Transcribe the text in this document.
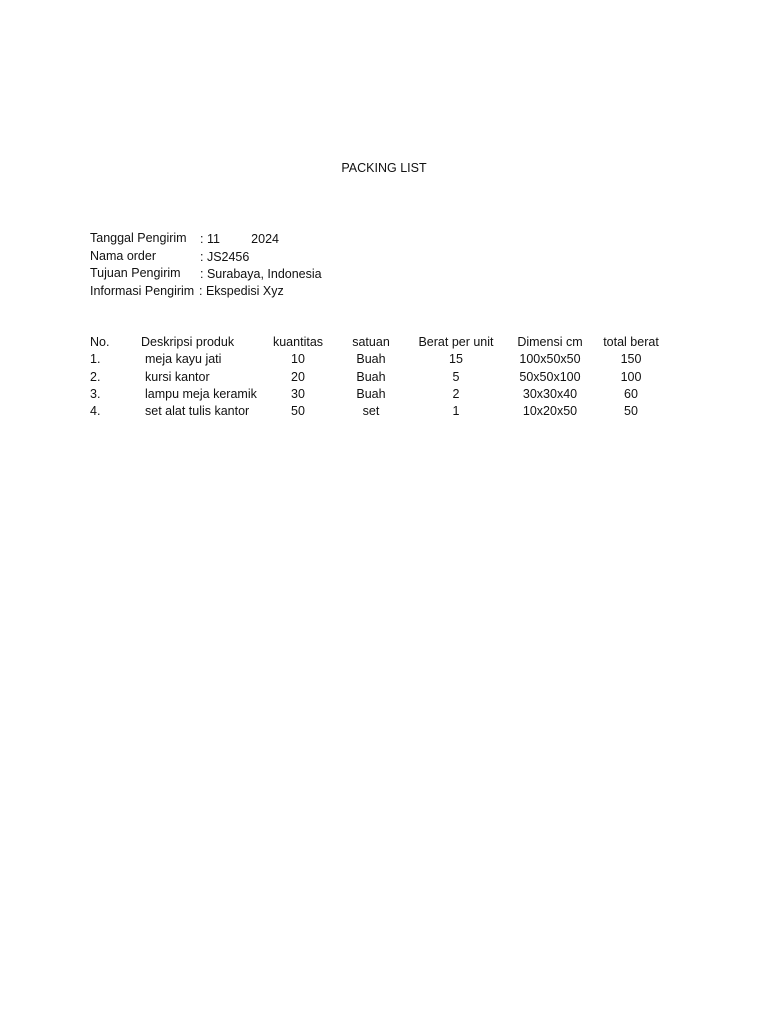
PACKING LIST
Tanggal Pengirim : 11         2024
Nama order	: JS2456
Tujuan Pengirim : Surabaya, Indonesia
Informasi Pengirim : Ekspedisi Xyz
No.	Deskripsi produk	kuantitas	satuan	Berat per unit	Dimensi cm	total berat
1.	meja kayu jati	10	Buah	15	100x50x50	150
2.	kursi kantor	20	Buah	5	50x50x100	100
3.	lampu meja keramik	30	Buah	2	30x30x40	60
4.	set alat tulis kantor	50	set	1	10x20x50	50
